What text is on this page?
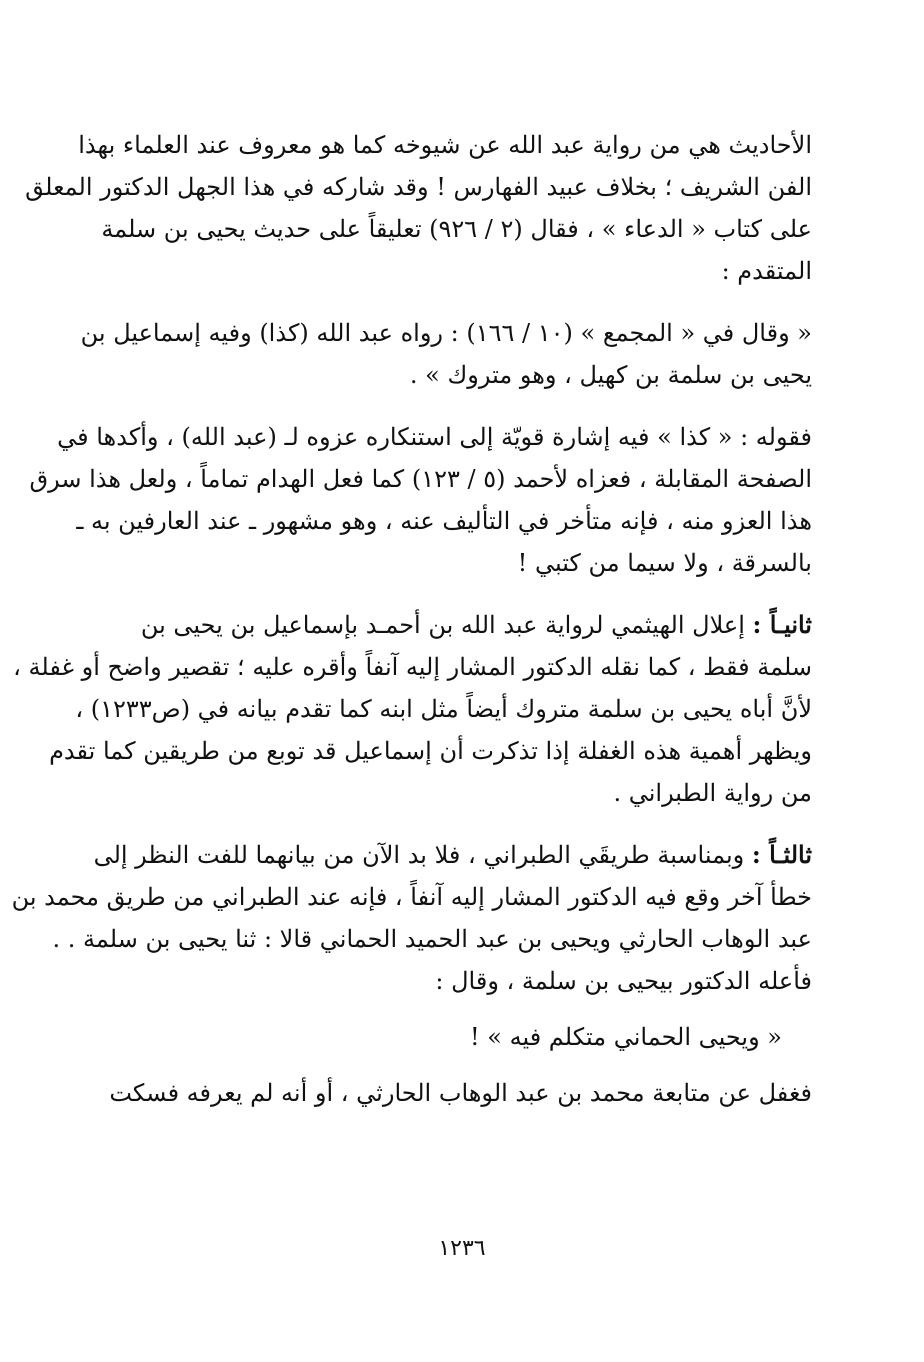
الأحاديث هي من رواية عبد الله عن شيوخه كما هو معروف عند العلماء بهذا
الفن الشريف ؛ بخلاف عبيد الفهارس ! وقد شاركه في هذا الجهل الدكتور المعلق
على كتاب « الدعاء » ، فقال (٢ / ٩٢٦) تعليقاً على حديث يحيى بن سلمة
المتقدم :
« وقال في « المجمع » (١٠ / ١٦٦) : رواه عبد الله (كذا) وفيه إسماعيل بن
يحيى بن سلمة بن كهيل ، وهو متروك » .
فقوله : « كذا » فيه إشارة قويّة إلى استنكاره عزوه لـ (عبد الله) ، وأكدها في
الصفحة المقابلة ، فعزاه لأحمد (٥ / ١٢٣) كما فعل الهدام تماماً ، ولعل هذا سرق
هذا العزو منه ، فإنه متأخر في التأليف عنه ، وهو مشهور ـ عند العارفين به ـ
بالسرقة ، ولا سيما من كتبي !
ثانيـاً : إعلال الهيثمي لرواية عبد الله بن أحمـد بإسماعيل بن يحيى بن
سلمة فقط ، كما نقله الدكتور المشار إليه آنفاً وأقره عليه ؛ تقصير واضح أو غفلة ،
لأنَّ أباه يحيى بن سلمة متروك أيضاً مثل ابنه كما تقدم بيانه في (ص١٢٣٣) ،
ويظهر أهمية هذه الغفلة إذا تذكرت أن إسماعيل قد توبع من طريقين كما تقدم
من رواية الطبراني .
ثالثـاً : وبمناسبة طريقَي الطبراني ، فلا بد الآن من بيانهما للفت النظر إلى
خطأ آخر وقع فيه الدكتور المشار إليه آنفاً ، فإنه عند الطبراني من طريق محمد بن
عبد الوهاب الحارثي ويحيى بن عبد الحميد الحماني قالا : ثنا يحيى بن سلمة . .
فأعله الدكتور بيحيى بن سلمة ، وقال :
« ويحيى الحماني متكلم فيه » !
فغفل عن متابعة محمد بن عبد الوهاب الحارثي ، أو أنه لم يعرفه فسكت
١٢٣٦
